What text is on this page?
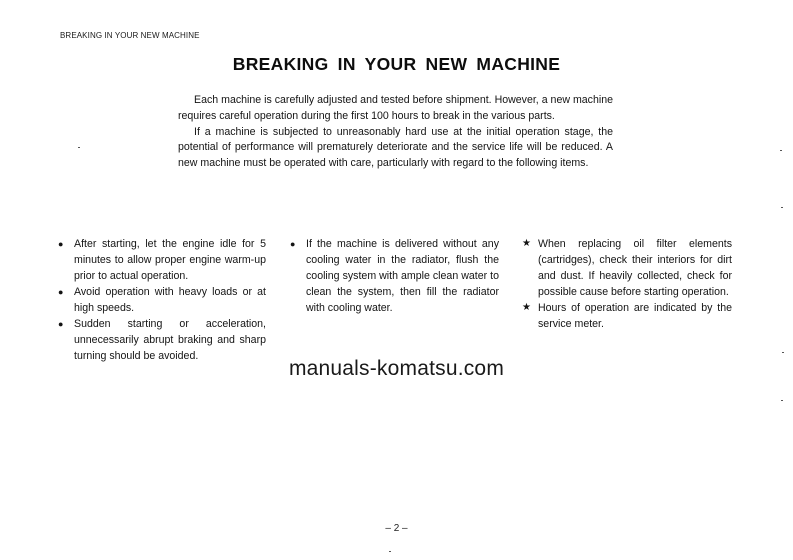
BREAKING IN YOUR NEW MACHINE
BREAKING IN YOUR NEW MACHINE

Each machine is carefully adjusted and tested before shipment. However, a new machine requires careful operation during the first 100 hours to break in the various parts.

If a machine is subjected to unreasonably hard use at the initial operation stage, the potential of performance will prematurely deteriorate and the service life will be reduced. A new machine must be operated with care, particularly with regard to the following items.

● After starting, let the engine idle for 5 minutes to allow proper engine warm-up prior to actual operation.
● Avoid operation with heavy loads or at high speeds.
● Sudden starting or acceleration, unnecessarily abrupt braking and sharp turning should be avoided.
● If the machine is delivered without any cooling water in the radiator, flush the cooling system with ample clean water to clean the system, then fill the radiator with cooling water.
★ When replacing oil filter elements (cartridges), check their interiors for dirt and dust. If heavily collected, check for possible cause before starting operation.
★ Hours of operation are indicated by the service meter.
manuals-komatsu.com
– 2 –
